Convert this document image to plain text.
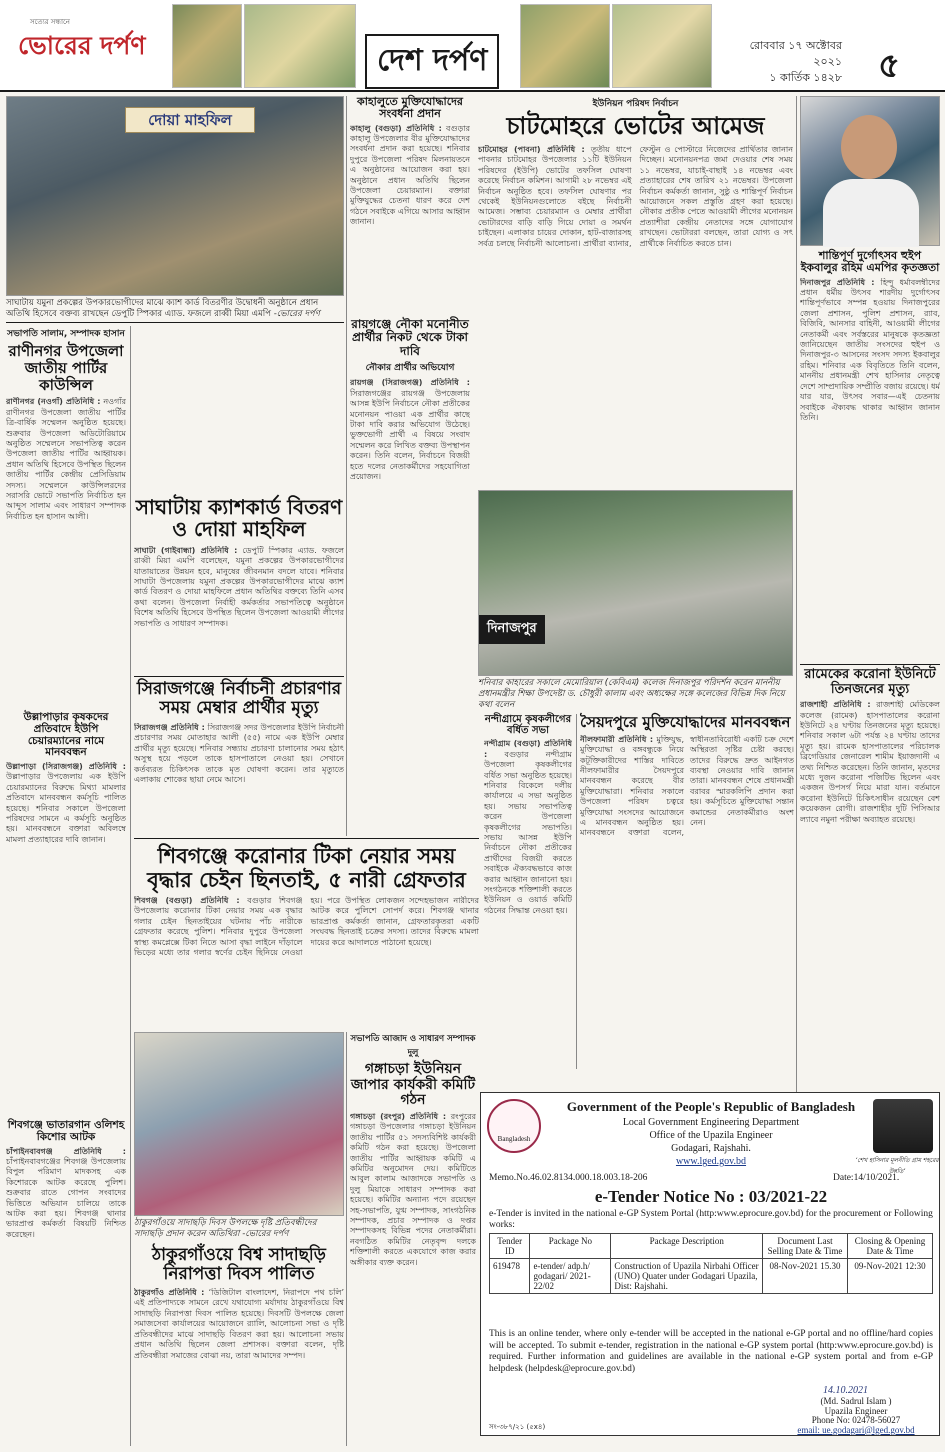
সত্যের সন্ধানে
ভোরের দর্পণ	দেশ দর্পণ	রোববার ১৭ অক্টোবর ২০২১
১ কার্তিক ১৪২৮ ৫
দোয়া মাহফিল
সাঘাটায় যমুনা প্রকল্পের উপকারভোগীদের মাঝে ক্যাশ কার্ড বিতরণীর উদ্বোধনী অনুষ্ঠানে প্রধান অতিথি হিসেবে বক্তব্য রাখছেন ডেপুটি স্পিকার এ্যাড. ফজলে রাব্বী মিয়া এমপি -ভোরের দর্পণ
সভাপতি সালাম, সম্পাদক হাসান
রাণীনগর উপজেলা জাতীয় পার্টির কাউন্সিল
রাণীনগর (নওগাঁ) প্রতিনিধি : নওগাঁর রাণীনগর উপজেলা জাতীয় পার্টির ত্রি-বার্ষিক সম্মেলন অনুষ্ঠিত হয়েছে। শুক্রবার উপজেলা অডিটোরিয়ামে অনুষ্ঠিত সম্মেলনে সভাপতিত্ব করেন উপজেলা জাতীয় পার্টির আহ্বায়ক। প্রধান অতিথি হিসেবে উপস্থিত ছিলেন জাতীয় পার্টির কেন্দ্রীয় প্রেসিডিয়াম সদস্য। সম্মেলনে কাউন্সিলরদের সরাসরি ভোটে সভাপতি নির্বাচিত হন আব্দুস সালাম এবং সাধারণ সম্পাদক নির্বাচিত হন হাসান আলী।
উল্লাপাড়ার কৃষকদের প্রতিবাদে ইউপি চেয়ারম্যানের নামে মানববন্ধন
উল্লাপাড়া (সিরাজগঞ্জ) প্রতিনিধি : উল্লাপাড়ার উপজেলায় এক ইউপি চেয়ারম্যানের বিরুদ্ধে মিথ্যা মামলার প্রতিবাদে মানববন্ধন কর্মসূচি পালিত হয়েছে। শনিবার সকালে উপজেলা পরিষদের সামনে এ কর্মসূচি অনুষ্ঠিত হয়। মানববন্ধনে বক্তারা অবিলম্বে মামলা প্রত্যাহারের দাবি জানান।
শিবগঞ্জে ভাতারগান ওলিশহ কিশোর আটক
চাঁপাইনবাবগঞ্জ প্রতিনিধি : চাঁপাইনবাবগঞ্জের শিবগঞ্জ উপজেলায় বিপুল পরিমাণ মাদকসহ এক কিশোরকে আটক করেছে পুলিশ। শুক্রবার রাতে গোপন সংবাদের ভিত্তিতে অভিযান চালিয়ে তাকে আটক করা হয়। শিবগঞ্জ থানার ভারপ্রাপ্ত কর্মকর্তা বিষয়টি নিশ্চিত করেছেন।
সাঘাটায় ক্যাশকার্ড বিতরণ ও দোয়া মাহফিল
সাঘাটা (গাইবান্ধা) প্রতিনিধি : ডেপুটি স্পিকার এ্যাড. ফজলে রাব্বী মিয়া এমপি বলেছেন, যমুনা প্রকল্পের উপকারভোগীদের যাতায়াতের উন্নয়ন হবে, মানুষের জীবনমান বদলে যাবে। শনিবার সাঘাটা উপজেলায় যমুনা প্রকল্পের উপকারভোগীদের মাঝে ক্যাশ কার্ড বিতরণ ও দোয়া মাহফিলে প্রধান অতিথির বক্তব্যে তিনি এসব কথা বলেন। উপজেলা নির্বাহী কর্মকর্তার সভাপতিত্বে অনুষ্ঠানে বিশেষ অতিথি হিসেবে উপস্থিত ছিলেন উপজেলা আওয়ামী লীগের সভাপতি ও সাধারণ সম্পাদক।
কাহালুতে মুক্তিযোদ্ধাদের সংবর্ধনা প্রদান
কাহালু (বগুড়া) প্রতিনিধি : বগুড়ার কাহালু উপজেলার বীর মুক্তিযোদ্ধাদের সংবর্ধনা প্রদান করা হয়েছে। শনিবার দুপুরে উপজেলা পরিষদ মিলনায়তনে এ অনুষ্ঠানের আয়োজন করা হয়। অনুষ্ঠানে প্রধান অতিথি ছিলেন উপজেলা চেয়ারম্যান। বক্তারা মুক্তিযুদ্ধের চেতনা ধারণ করে দেশ গঠনে সবাইকে এগিয়ে আসার আহ্বান জানান।
রায়গঞ্জে নৌকা মনোনীত প্রার্থীর নিকট থেকে টাকা দাবি
নৌকার প্রার্থীর অভিযোগ
রায়গঞ্জ (সিরাজগঞ্জ) প্রতিনিধি : সিরাজগঞ্জের রায়গঞ্জ উপজেলায় আসন্ন ইউপি নির্বাচনে নৌকা প্রতীকের মনোনয়ন পাওয়া এক প্রার্থীর কাছে টাকা দাবি করার অভিযোগ উঠেছে। ভুক্তভোগী প্রার্থী এ বিষয়ে সংবাদ সম্মেলন করে লিখিত বক্তব্য উপস্থাপন করেন। তিনি বলেন, নির্বাচনে বিজয়ী হতে দলের নেতাকর্মীদের সহযোগিতা প্রয়োজন।
সিরাজগঞ্জে নির্বাচনী প্রচারণার সময় মেম্বার প্রার্থীর মৃত্যু
সিরাজগঞ্জ প্রতিনিধি : সিরাজগঞ্জ সদর উপজেলার ইউপি নির্বাচনী প্রচারণার সময় মোতাহার আলী (৫৫) নামে এক ইউপি মেম্বার প্রার্থীর মৃত্যু হয়েছে। শনিবার সন্ধ্যায় প্রচারণা চালানোর সময় হঠাৎ অসুস্থ হয়ে পড়লে তাকে হাসপাতালে নেওয়া হয়। সেখানে কর্তব্যরত চিকিৎসক তাকে মৃত ঘোষণা করেন। তার মৃত্যুতে এলাকায় শোকের ছায়া নেমে আসে।
ইউনিয়ন পরিষদ নির্বাচন
চাটমোহরে ভোটের আমেজ
চাটমোহর (পাবনা) প্রতিনিধি : তৃতীয় ধাপে পাবনার চাটমোহর উপজেলার ১১টি ইউনিয়ন পরিষদের (ইউপি) ভোটের তফসিল ঘোষণা করেছে নির্বাচন কমিশন। আগামী ২৮ নভেম্বর এই নির্বাচন অনুষ্ঠিত হবে। তফসিল ঘোষণার পর থেকেই ইউনিয়নগুলোতে বইছে নির্বাচনী আমেজ। সম্ভাব্য চেয়ারম্যান ও মেম্বার প্রার্থীরা ভোটারদের বাড়ি বাড়ি গিয়ে দোয়া ও সমর্থন চাইছেন। এলাকার চায়ের দোকান, হাট-বাজারসহ সর্বত্র চলছে নির্বাচনী আলোচনা। প্রার্থীরা ব্যানার, ফেস্টুন ও পোস্টারে নিজেদের প্রার্থিতার জানান দিচ্ছেন। মনোনয়নপত্র জমা দেওয়ার শেষ সময় ১১ নভেম্বর, যাচাই-বাছাই ১৪ নভেম্বর এবং প্রত্যাহারের শেষ তারিখ ২১ নভেম্বর। উপজেলা নির্বাচন কর্মকর্তা জানান, সুষ্ঠু ও শান্তিপূর্ণ নির্বাচন আয়োজনে সকল প্রস্তুতি গ্রহণ করা হয়েছে। নৌকার প্রতীক পেতে আওয়ামী লীগের মনোনয়ন প্রত্যাশীরা কেন্দ্রীয় নেতাদের সঙ্গে যোগাযোগ রাখছেন। ভোটাররা বলছেন, তারা যোগ্য ও সৎ প্রার্থীকে নির্বাচিত করতে চান।
শান্তিপূর্ণ দুর্গোৎসব হুইপ ইকবালুর রহিম এমপির কৃতজ্ঞতা
দিনাজপুর প্রতিনিধি : হিন্দু ধর্মাবলম্বীদের প্রধান ধর্মীয় উৎসব শারদীয় দুর্গোৎসব শান্তিপূর্ণভাবে সম্পন্ন হওয়ায় দিনাজপুরের জেলা প্রশাসন, পুলিশ প্রশাসন, র‍্যাব, বিজিবি, আনসার বাহিনী, আওয়ামী লীগের নেতাকর্মী এবং সর্বস্তরের মানুষকে কৃতজ্ঞতা জানিয়েছেন জাতীয় সংসদের হুইপ ও দিনাজপুর-৩ আসনের সংসদ সদস্য ইকবালুর রহিম। শনিবার এক বিবৃতিতে তিনি বলেন, মাননীয় প্রধানমন্ত্রী শেখ হাসিনার নেতৃত্বে দেশে সাম্প্রদায়িক সম্প্রীতি বজায় রয়েছে। ধর্ম যার যার, উৎসব সবার—এই চেতনায় সবাইকে ঐক্যবদ্ধ থাকার আহ্বান জানান তিনি।
রামেকের করোনা ইউনিটে তিনজনের মৃত্যু
রাজশাহী প্রতিনিধি : রাজশাহী মেডিকেল কলেজ (রামেক) হাসপাতালের করোনা ইউনিটে ২৪ ঘণ্টায় তিনজনের মৃত্যু হয়েছে। শনিবার সকাল ৬টা পর্যন্ত ২৪ ঘণ্টায় তাদের মৃত্যু হয়। রামেক হাসপাতালের পরিচালক ব্রিগেডিয়ার জেনারেল শামীম ইয়াজদানী এ তথ্য নিশ্চিত করেছেন। তিনি জানান, মৃতদের মধ্যে দুজন করোনা পজিটিভ ছিলেন এবং একজন উপসর্গ নিয়ে মারা যান। বর্তমানে করোনা ইউনিটে চিকিৎসাধীন রয়েছেন বেশ কয়েকজন রোগী। রাজশাহীর দুটি পিসিআর ল্যাবে নমুনা পরীক্ষা অব্যাহত রয়েছে।
দিনাজপুর
শনিবার কাহারের সকালে মেমোরিয়াল (কেবিএম) কলেজ দিনাজপুর পরিদর্শন করেন মাননীয় প্রধানমন্ত্রীর শিক্ষা উপদেষ্টা ড. চৌধুরী কালাম এবং অধ্যক্ষের সঙ্গে কলেজের বিভিন্ন দিক নিয়ে কথা বলেন
শিবগঞ্জে করোনার টিকা নেয়ার সময় বৃদ্ধার চেইন ছিনতাই, ৫ নারী গ্রেফতার
শিবগঞ্জ (বগুড়া) প্রতিনিধি : বগুড়ার শিবগঞ্জ উপজেলায় করোনার টিকা নেয়ার সময় এক বৃদ্ধার গলার চেইন ছিনতাইয়ের ঘটনায় পাঁচ নারীকে গ্রেফতার করেছে পুলিশ। শনিবার দুপুরে উপজেলা স্বাস্থ্য কমপ্লেক্সে টিকা নিতে আসা বৃদ্ধা লাইনে দাঁড়ালে ভিড়ের মধ্যে তার গলার স্বর্ণের চেইন ছিনিয়ে নেওয়া হয়। পরে উপস্থিত লোকজন সন্দেহভাজন নারীদের আটক করে পুলিশে সোপর্দ করে। শিবগঞ্জ থানার ভারপ্রাপ্ত কর্মকর্তা জানান, গ্রেফতারকৃতরা একটি সংঘবদ্ধ ছিনতাই চক্রের সদস্য। তাদের বিরুদ্ধে মামলা দায়ের করে আদালতে পাঠানো হয়েছে।
নন্দীগ্রামে কৃষকলীগের বর্ধিত সভা
নন্দীগ্রাম (বগুড়া) প্রতিনিধি : বগুড়ার নন্দীগ্রাম উপজেলা কৃষকলীগের বর্ধিত সভা অনুষ্ঠিত হয়েছে। শনিবার বিকেলে দলীয় কার্যালয়ে এ সভা অনুষ্ঠিত হয়। সভায় সভাপতিত্ব করেন উপজেলা কৃষকলীগের সভাপতি। সভায় আসন্ন ইউপি নির্বাচনে নৌকা প্রতীকের প্রার্থীদের বিজয়ী করতে সবাইকে ঐক্যবদ্ধভাবে কাজ করার আহ্বান জানানো হয়। সংগঠনকে শক্তিশালী করতে ইউনিয়ন ও ওয়ার্ড কমিটি গঠনের সিদ্ধান্ত নেওয়া হয়।
সৈয়দপুরে মুক্তিযোদ্ধাদের মানববন্ধন
নীলফামারী প্রতিনিধি : মুক্তিযুদ্ধ, মুক্তিযোদ্ধা ও বঙ্গবন্ধুকে নিয়ে কটূক্তিকারীদের শাস্তির দাবিতে নীলফামারীর সৈয়দপুরে মানববন্ধন করেছে বীর মুক্তিযোদ্ধারা। শনিবার সকালে উপজেলা পরিষদ চত্বরে মুক্তিযোদ্ধা সংসদের আয়োজনে এ মানববন্ধন অনুষ্ঠিত হয়। মানববন্ধনে বক্তারা বলেন, স্বাধীনতাবিরোধী একটি চক্র দেশে অস্থিরতা সৃষ্টির চেষ্টা করছে। তাদের বিরুদ্ধে দ্রুত আইনগত ব্যবস্থা নেওয়ার দাবি জানান তারা। মানববন্ধন শেষে প্রধানমন্ত্রী বরাবর স্মারকলিপি প্রদান করা হয়। কর্মসূচিতে মুক্তিযোদ্ধা সন্তান কমান্ডের নেতাকর্মীরাও অংশ নেন।
ঠাকুরগাঁওয়ে সাদাছড়ি দিবস উপলক্ষে দৃষ্টি প্রতিবন্ধীদের সাদাছড়ি প্রদান করেন অতিথিরা -ভোরের দর্পণ
ঠাকুরগাঁওয়ে বিশ্ব সাদাছড়ি নিরাপত্তা দিবস পালিত
ঠাকুরগাঁও প্রতিনিধি : ‘ডিজিটাল বাংলাদেশ, নিরাপদে পথ চলি’ এই প্রতিপাদ্যকে সামনে রেখে যথাযোগ্য মর্যাদায় ঠাকুরগাঁওয়ে বিশ্ব সাদাছড়ি নিরাপত্তা দিবস পালিত হয়েছে। দিবসটি উপলক্ষে জেলা সমাজসেবা কার্যালয়ের আয়োজনে র‍্যালি, আলোচনা সভা ও দৃষ্টি প্রতিবন্ধীদের মাঝে সাদাছড়ি বিতরণ করা হয়। আলোচনা সভায় প্রধান অতিথি ছিলেন জেলা প্রশাসক। বক্তারা বলেন, দৃষ্টি প্রতিবন্ধীরা সমাজের বোঝা নয়, তারা আমাদের সম্পদ।
সভাপতি আজাদ ও সাধারণ সম্পাদক দুলু
গঙ্গাচড়া ইউনিয়ন জাপার কার্যকরী কমিটি গঠন
গঙ্গাচড়া (রংপুর) প্রতিনিধি : রংপুরের গঙ্গাচড়া উপজেলার গঙ্গাচড়া ইউনিয়ন জাতীয় পার্টির ৫১ সদস্যবিশিষ্ট কার্যকরী কমিটি গঠন করা হয়েছে। উপজেলা জাতীয় পার্টির আহ্বায়ক কমিটি এ কমিটির অনুমোদন দেয়। কমিটিতে আবুল কালাম আজাদকে সভাপতি ও দুলু মিয়াকে সাধারণ সম্পাদক করা হয়েছে। কমিটির অন্যান্য পদে রয়েছেন সহ-সভাপতি, যুগ্ম সম্পাদক, সাংগঠনিক সম্পাদক, প্রচার সম্পাদক ও দপ্তর সম্পাদকসহ বিভিন্ন পদের নেতাকর্মীরা। নবগঠিত কমিটির নেতৃবৃন্দ দলকে শক্তিশালী করতে একযোগে কাজ করার অঙ্গীকার ব্যক্ত করেন।
Bangladesh
‘শেখ হাসিনার মূলনীতি গ্রাম শহরের উন্নতি’
Government of the People's Republic of Bangladesh
Local Government Engineering Department
Office of the Upazila Engineer
Godagari, Rajshahi.
www.lged.gov.bd
Memo.No.46.02.8134.000.18.003.18-206	Date:14/10/2021.
e-Tender Notice No : 03/2021-22
e-Tender is invited in the national e-GP System Portal (http:www.eprocure.gov.bd) for the procurement or Following works:
Tender ID	Package No	Package Description	Document Last Selling Date & Time	Closing & Opening Date & Time
619478	e-tender/ adp.h/ godagari/ 2021-22/02	Construction of Upazila Nirbahi Officer (UNO) Quater under Godagari Upazila, Dist: Rajshahi.	08-Nov-2021 15.30	09-Nov-2021 12:30
This is an online tender, where only e-tender will be accepted in the national e-GP portal and no offline/hard copies will be accepted. To submit e-tender, registration in the national e-GP system portal (http:www.eprocure.gov.bd) is required. Further information and guidelines are available in the national e-GP system portal and from e-GP helpdesk (helpdesk@eprocure.gov.bd)
14.10.2021
(Md. Sadrul Islam )
Upazila Engineer
Phone No: 02478-56027
email: ue.godagari@lged.gov.bd
সং-৩৮৭/২১ (৫x৪)
